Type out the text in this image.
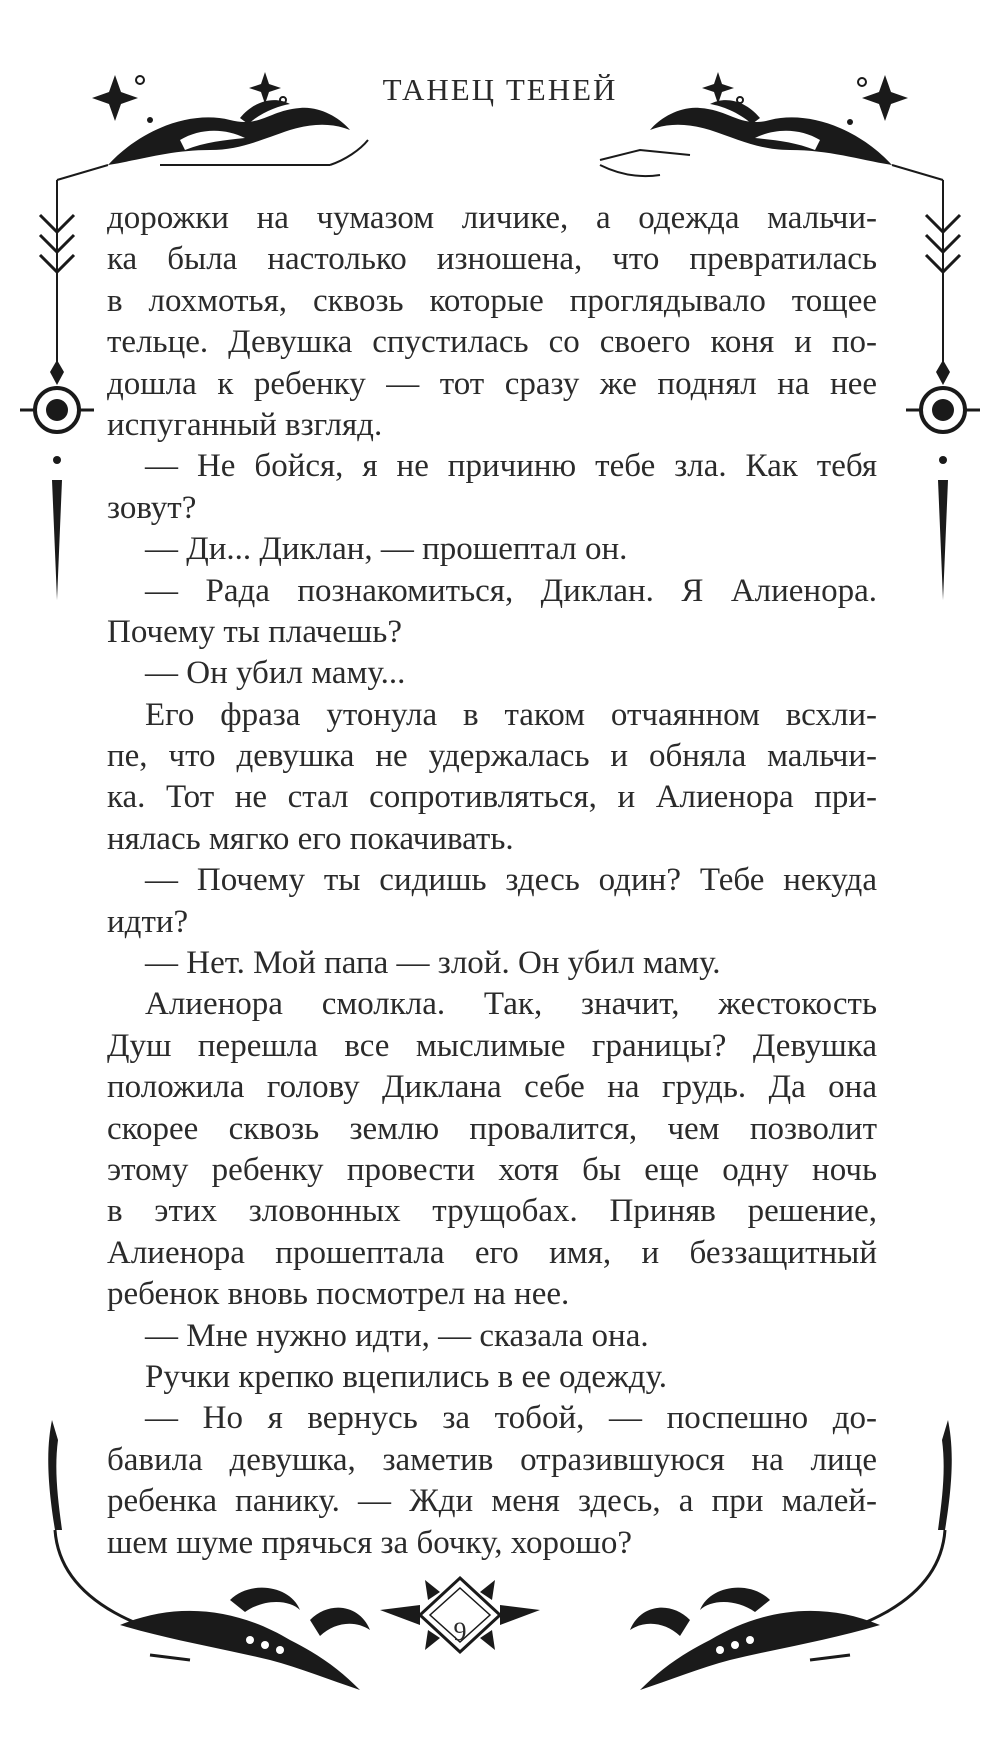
ТАНЕЦ ТЕНЕЙ
дорожки на чумазом личике, а одежда мальчи-
ка была настолько изношена, что превратилась
в лохмотья, сквозь которые проглядывало тощее
тельце. Девушка спустилась со своего коня и по-
дошла к ребенку — тот сразу же поднял на нее
испуганный взгляд.
— Не бойся, я не причиню тебе зла. Как тебя
зовут?
— Ди... Диклан, — прошептал он.
— Рада познакомиться, Диклан. Я Алиенора.
Почему ты плачешь?
— Он убил маму...
Его фраза утонула в таком отчаянном всхли-
пе, что девушка не удержалась и обняла мальчи-
ка. Тот не стал сопротивляться, и Алиенора при-
нялась мягко его покачивать.
— Почему ты сидишь здесь один? Тебе некуда
идти?
— Нет. Мой папа — злой. Он убил маму.
Алиенора смолкла. Так, значит, жестокость
Душ перешла все мыслимые границы? Девушка
положила голову Диклана себе на грудь. Да она
скорее сквозь землю провалится, чем позволит
этому ребенку провести хотя бы еще одну ночь
в этих зловонных трущобах. Приняв решение,
Алиенора прошептала его имя, и беззащитный
ребенок вновь посмотрел на нее.
— Мне нужно идти, — сказала она.
Ручки крепко вцепились в ее одежду.
— Но я вернусь за тобой, — поспешно до-
бавила девушка, заметив отразившуюся на лице
ребенка панику. — Жди меня здесь, а при малей-
шем шуме прячься за бочку, хорошо?
9
